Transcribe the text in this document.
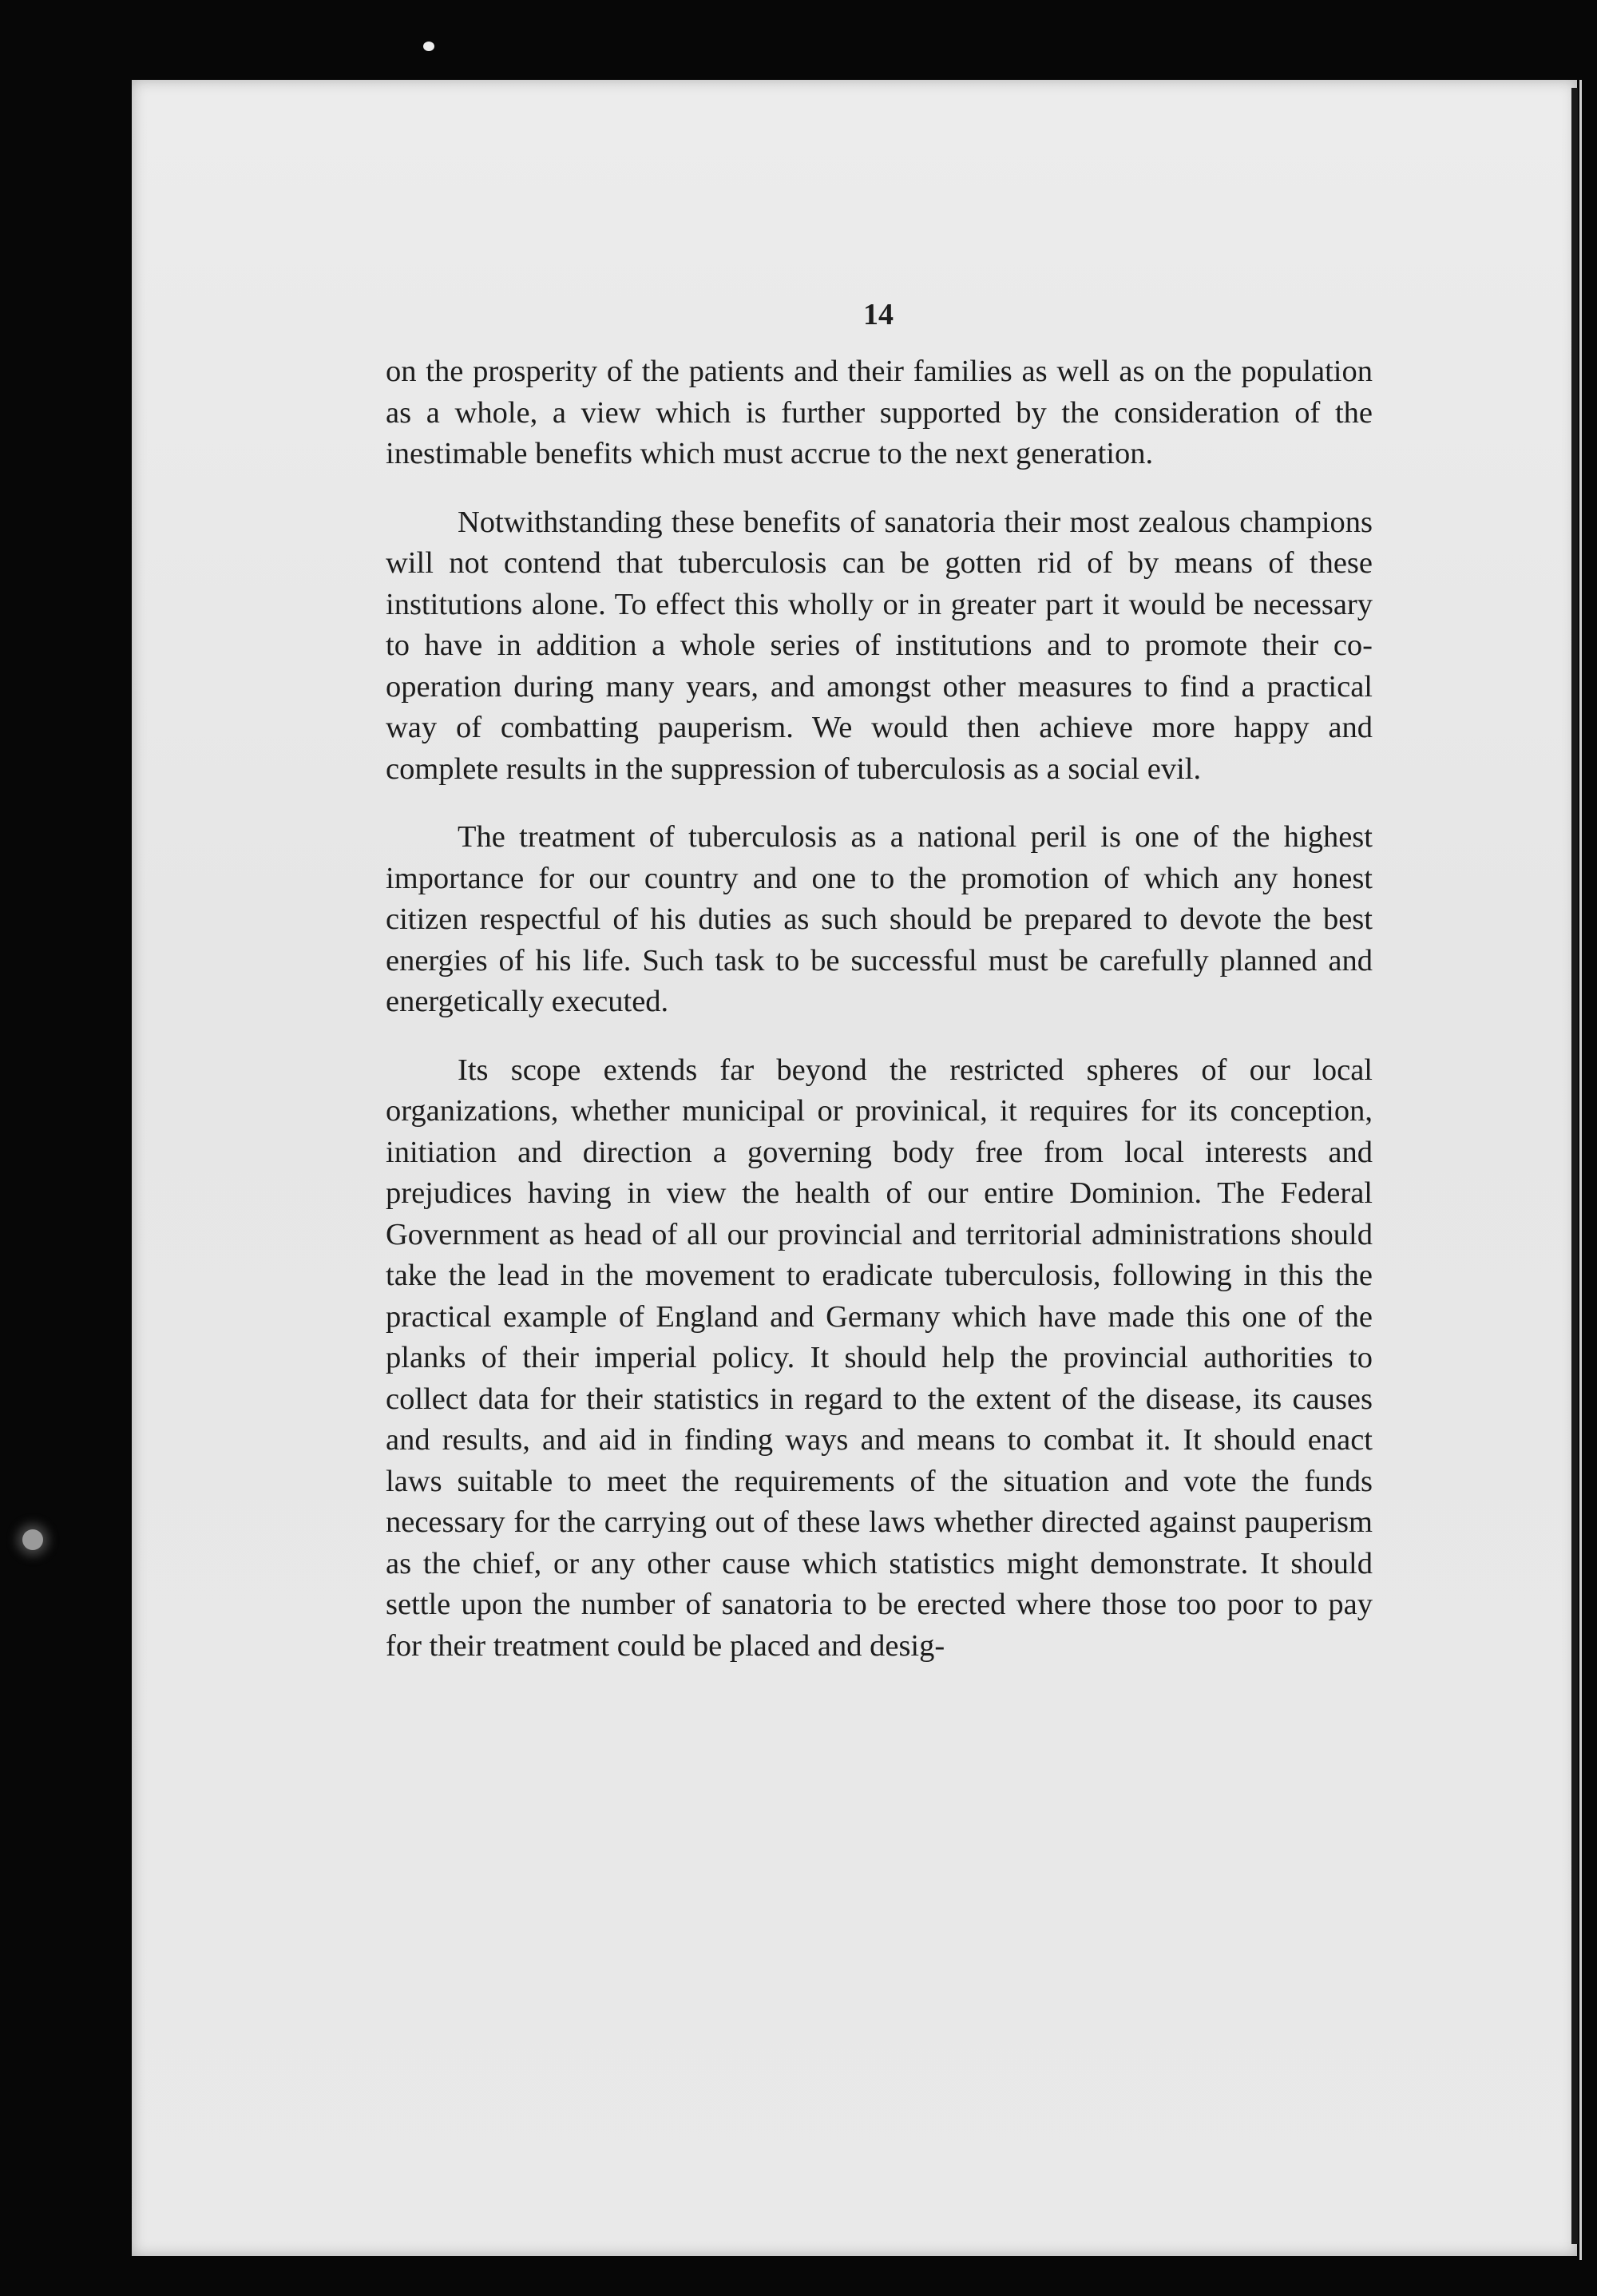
14

on the prosperity of the patients and their families as well as on the population as a whole, a view which is further supported by the consideration of the inestimable benefits which must accrue to the next generation.

Notwithstanding these benefits of sanatoria their most zealous champions will not contend that tuberculosis can be gotten rid of by means of these institutions alone. To effect this wholly or in greater part it would be necessary to have in addition a whole series of institutions and to promote their co-operation during many years, and amongst other measures to find a practical way of combatting pauperism. We would then achieve more happy and complete results in the suppression of tuberculosis as a social evil.

The treatment of tuberculosis as a national peril is one of the highest importance for our country and one to the promotion of which any honest citizen respectful of his duties as such should be prepared to devote the best energies of his life. Such task to be successful must be carefully planned and energetically executed.

Its scope extends far beyond the restricted spheres of our local organizations, whether municipal or provinical, it requires for its conception, initiation and direction a governing body free from local interests and prejudices having in view the health of our entire Dominion. The Federal Government as head of all our provincial and territorial administrations should take the lead in the movement to eradicate tuberculosis, following in this the practical example of England and Germany which have made this one of the planks of their imperial policy. It should help the provincial authorities to collect data for their statistics in regard to the extent of the disease, its causes and results, and aid in finding ways and means to combat it. It should enact laws suitable to meet the requirements of the situation and vote the funds necessary for the carrying out of these laws whether directed against pauperism as the chief, or any other cause which statistics might demonstrate. It should settle upon the number of sanatoria to be erected where those too poor to pay for their treatment could be placed and desig-
